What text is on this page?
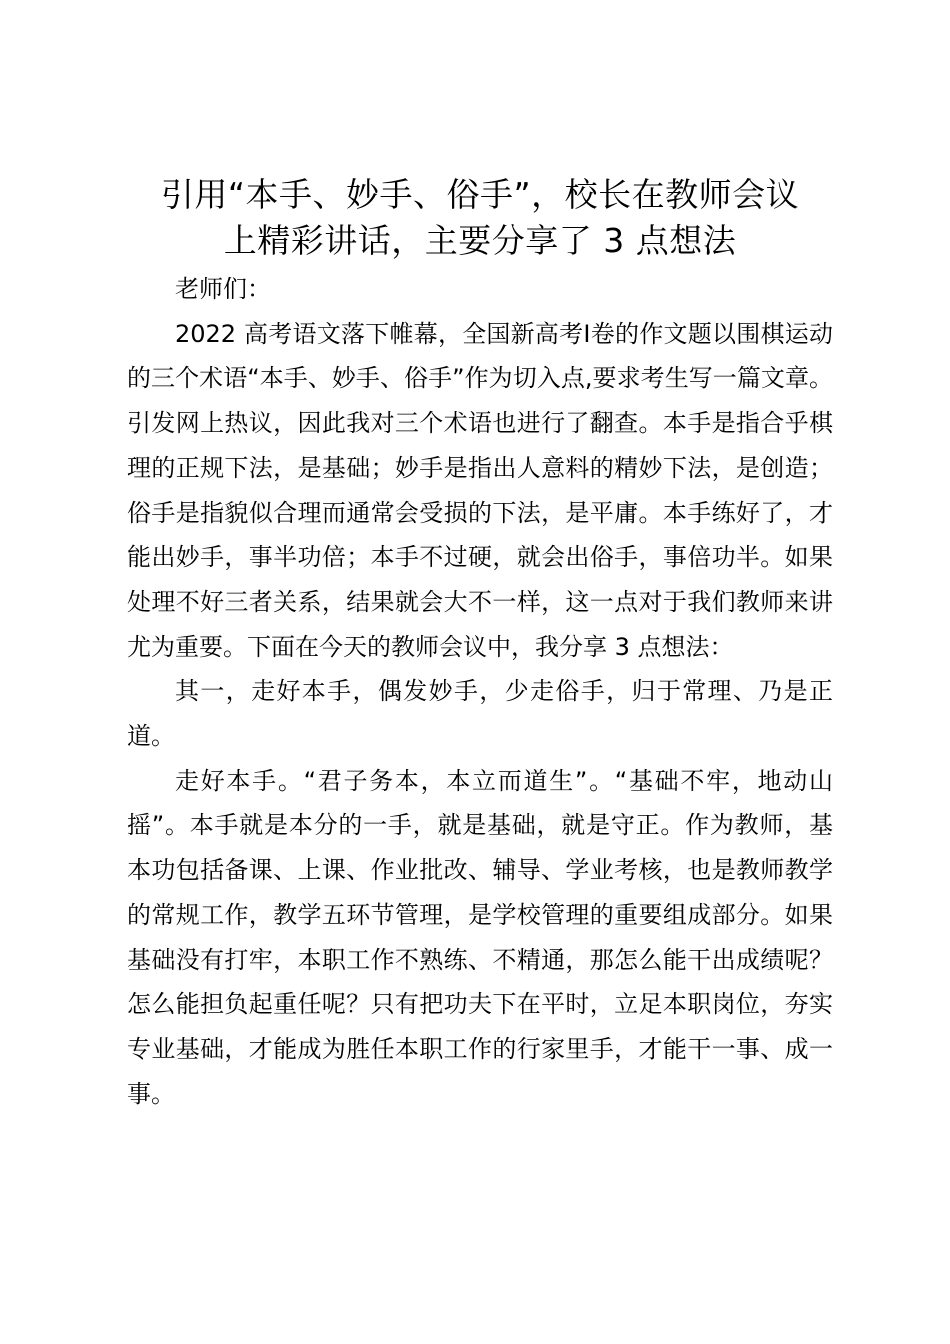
引用“本手、妙手、俗手”，校长在教师会议
上精彩讲话，主要分享了 3 点想法

老师们：

2022 高考语文落下帷幕，全国新高考Ⅰ卷的作文题以围棋运动的三个术语“本手、妙手、俗手”作为切入点,要求考生写一篇文章。引发网上热议，因此我对三个术语也进行了翻查。本手是指合乎棋理的正规下法，是基础；妙手是指出人意料的精妙下法，是创造；俗手是指貌似合理而通常会受损的下法，是平庸。本手练好了，才能出妙手，事半功倍；本手不过硬，就会出俗手，事倍功半。如果处理不好三者关系，结果就会大不一样，这一点对于我们教师来讲尤为重要。下面在今天的教师会议中，我分享 3 点想法：

其一，走好本手，偶发妙手，少走俗手，归于常理、乃是正道。

走好本手。“君子务本，本立而道生”。“基础不牢，地动山摇”。本手就是本分的一手，就是基础，就是守正。作为教师，基本功包括备课、上课、作业批改、辅导、学业考核，也是教师教学的常规工作，教学五环节管理，是学校管理的重要组成部分。如果基础没有打牢，本职工作不熟练、不精通，那怎么能干出成绩呢？怎么能担负起重任呢？只有把功夫下在平时，立足本职岗位，夯实专业基础，才能成为胜任本职工作的行家里手，才能干一事、成一事。
